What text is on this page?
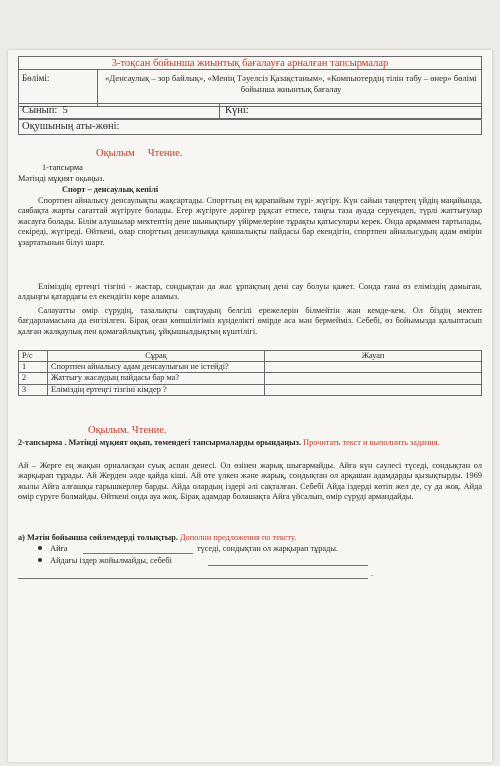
3-тоқсан бойынша жиынтық бағалауға арналған тапсырмалар
Бөлімі:	«Денсаулық – зор байлық», «Менің Тәуелсіз Қазақстаным», «Компьютердің тілін табу – өнер» бөлімі бойынша жиынтық бағалау
Сынып: 5	Күні:
Оқушының аты-жөні:
Оқылым Чтение.
1-тапсырма
Мәтінді мұқият оқыңыз.
Спорт – денсаулық кепілі
Спортпен айналысу денсаулықты жақсартады. Спорттың ең қарапайым түрі- жүгіру. Күн сайын таңертең үйдің маңайында, саябақта жарты сағаттай жүгіруге болады. Егер жүгіруге дәрігер рұқсат етпесе, таңғы таза ауада серуендеп, түрлі жаттығулар жасауға болады. Білім алушылар мектептің дене шынықтыру үйірмелеріне тұрақты қатысулары керек. Онда арқаммен тартылады, секіреді, жүгіреді. Өйткені, олар спорттың денсаулыққа қаншалықты пайдасы бар екендігін, спортпен айналысудың адам өмірін ұзартатынын білуі шарт.
Еліміздің ертеңгі тізгіні - жастар, сондықтан да жас ұрпақтың дені сау болуы қажет. Сонда ғана өз еліміздің дамыған, алдыңғы қатардағы ел екендігін көре аламыз.
Салауатты өмір сүрудің, тазалықты сақтаудың белгілі ережелерін білмейтін жан кемде-кем. Ол біздің мектеп бағдарламасына да енгізілген. Бірақ оған көпшілігіміз күнделікті өмірде аса мән бермейміз. Себебі, өз бойымызда қалыптасып қалған жалқаулық пен қомағайлықтың, ұйқышылдықтың күштілігі.
Р/с	Сұрақ	Жауап
1	Спортпен айналысу адам денсаулығын не істейді?	
2	Жаттығу жасаудың пайдасы бар ма?	
3	Еліміздің ертеңгі тізгіні кімдер ?	
Оқылым. Чтение.
2-тапсырма . Мәтінді мұқият оқып, төмендегі тапсырмаларды орындаңыз. Прочитать текст и выполнить задания.
Ай – Жерге ең жақын орналасқан суық аспан денесі. Ол өзінен жарық шығармайды. Айға күн сәулесі түседі, сондықтан ол жарқырап тұрады. Ай Жерден әлде қайда кіші. Ай өте үлкен және жарық, сондықтан ол арқашан адамдарды қызықтырды. 1969 жылы Айға алғашқы ғарышкерлер барды. Айда олардың іздері әлі сақталған. Себебі Айда іздерді көтіп жел де, су да жоқ. Айда өмір сүруге болмайды. Өйткені онда ауа жоқ. Бірақ адамдар болашақта Айға үйсалып, өмір сүруді армандайды.
а) Мәтін бойынша сөйлемдерді толықтыр. Дополни предложения по тексту.
Айға	түседі, сондықтан ол жарқырап тұрады.
Айдағы іздер жойылмайды, себебі
.
